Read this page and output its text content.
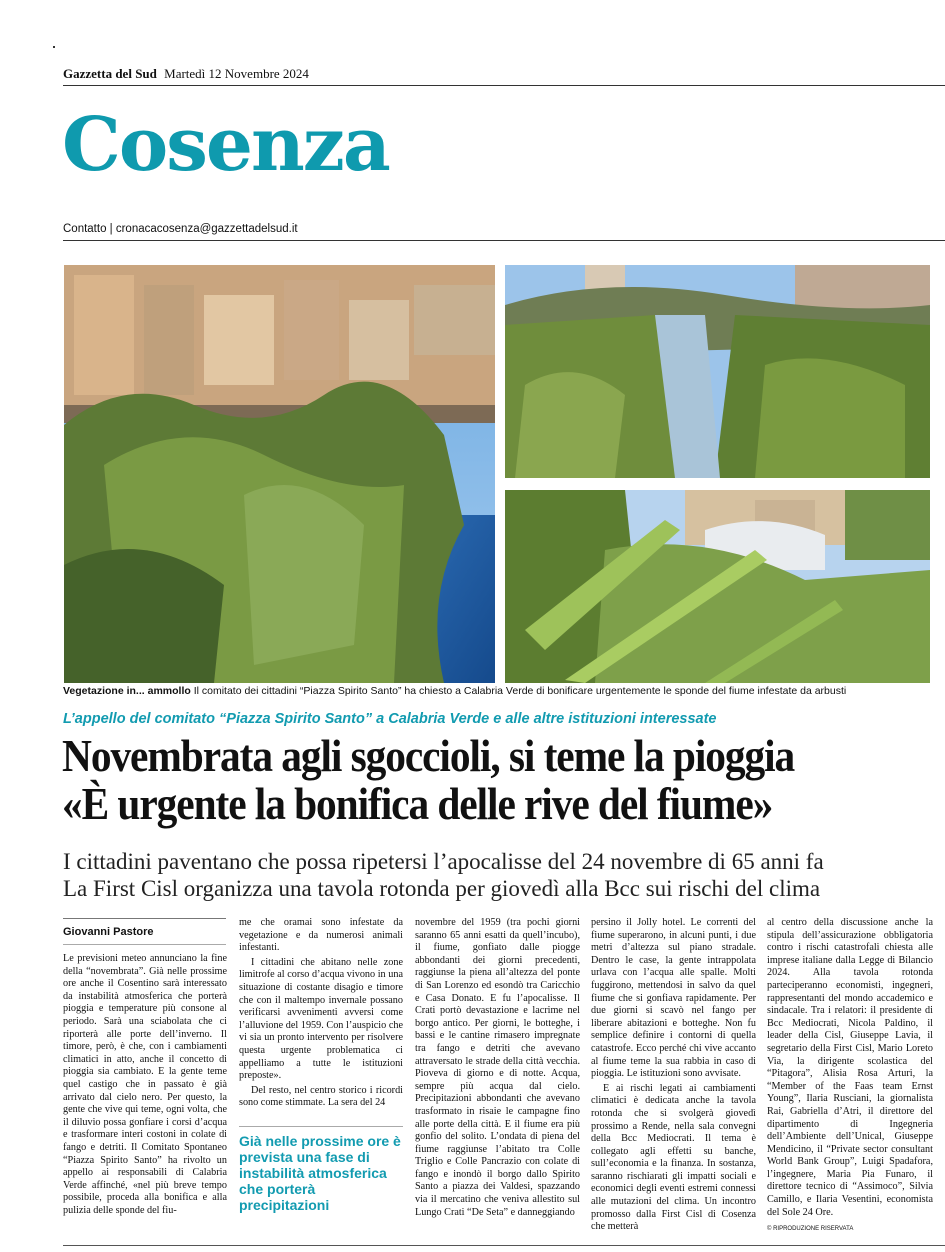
Gazzetta del Sud Martedì 12 Novembre 2024
Cosenza
Contatto | cronacacosenza@gazzettadelsud.it
Vegetazione in... ammollo Il comitato dei cittadini “Piazza Spirito Santo” ha chiesto a Calabria Verde di bonificare urgentemente le sponde del fiume infestate da arbusti
L’appello del comitato “Piazza Spirito Santo” a Calabria Verde e alle altre istituzioni interessate
Novembrata agli sgoccioli, si teme la pioggia
«È urgente la bonifica delle rive del fiume»
I cittadini paventano che possa ripetersi l’apocalisse del 24 novembre di 65 anni fa
La First Cisl organizza una tavola rotonda per giovedì alla Bcc sui rischi del clima
Giovanni Pastore

Le previsioni meteo annunciano la fine della “novembrata”. Già nelle prossime ore anche il Cosentino sarà interessato da instabilità atmosferica che porterà pioggia e temperature più consone al periodo. Sarà una sciabolata che ci riporterà alle porte dell’inverno. Il timore, però, è che, con i cambiamenti climatici in atto, anche il concetto di pioggia sia cambiato. E la gente teme quel castigo che in passato è già arrivato dal cielo nero. Per questo, la gente che vive qui teme, ogni volta, che il diluvio possa gonfiare i corsi d’acqua e trasformare interi costoni in colate di fango e detriti. Il Comitato Spontaneo “Piazza Spirito Santo” ha rivolto un appello ai responsabili di Calabria Verde affinché, «nel più breve tempo possibile, proceda alla bonifica e alla pulizia delle sponde del fiu-

me che oramai sono infestate da vegetazione e da numerosi animali infestanti.

I cittadini che abitano nelle zone limitrofe al corso d’acqua vivono in una situazione di costante disagio e timore che con il maltempo invernale possano verificarsi avvenimenti avversi come l’alluvione del 1959. Con l’auspicio che vi sia un pronto intervento per risolvere questa urgente problematica ci appelliamo a tutte le istituzioni preposte».

Del resto, nel centro storico i ricordi sono come stimmate. La sera del 24

Già nelle prossime ore è prevista una fase di instabilità atmosferica che porterà precipitazioni

novembre del 1959 (tra pochi giorni saranno 65 anni esatti da quell’incubo), il fiume, gonfiato dalle piogge abbondanti dei giorni precedenti, raggiunse la piena all’altezza del ponte di San Lorenzo ed esondò tra Caricchio e Casa Donato. E fu l’apocalisse. Il Crati portò devastazione e lacrime nel borgo antico. Per giorni, le botteghe, i bassi e le cantine rimasero impregnate tra fango e detriti che avevano attraversato le strade della città vecchia. Pioveva di giorno e di notte. Acqua, sempre più acqua dal cielo. Precipitazioni abbondanti che avevano trasformato in risaie le campagne fino alle porte della città. E il fiume era più gonfio del solito. L’ondata di piena del fiume raggiunse l’abitato tra Colle Triglio e Colle Pancrazio con colate di fango e inondò il borgo dallo Spirito Santo a piazza dei Valdesi, spazzando via il mercatino che veniva allestito sul Lungo Crati “De Seta” e danneggiando

persino il Jolly hotel. Le correnti del fiume superarono, in alcuni punti, i due metri d’altezza sul piano stradale. Dentro le case, la gente intrappolata urlava con l’acqua alle spalle. Molti fuggirono, mettendosi in salvo da quel fiume che si gonfiava rapidamente. Per due giorni si scavò nel fango per liberare abitazioni e botteghe. Non fu semplice definire i contorni di quella catastrofe. Ecco perché chi vive accanto al fiume teme la sua rabbia in caso di pioggia. Le istituzioni sono avvisate.

E ai rischi legati ai cambiamenti climatici è dedicata anche la tavola rotonda che si svolgerà giovedì prossimo a Rende, nella sala convegni della Bcc Mediocrati. Il tema è collegato agli effetti su banche, sull’economia e la finanza. In sostanza, saranno rischiarati gli impatti sociali e economici degli eventi estremi connessi alle mutazioni del clima. Un incontro promosso dalla First Cisl di Cosenza che metterà

al centro della discussione anche la stipula dell’assicurazione obbligatoria contro i rischi catastrofali chiesta alle imprese italiane dalla Legge di Bilancio 2024. Alla tavola rotonda parteciperanno economisti, ingegneri, rappresentanti del mondo accademico e sindacale. Tra i relatori: il presidente di Bcc Mediocrati, Nicola Paldino, il leader della Cisl, Giuseppe Lavia, il segretario della First Cisl, Mario Loreto Via, la dirigente scolastica del “Pitagora”, Alisia Rosa Arturi, la “Member of the Faas team Ernst Young”, Ilaria Rusciani, la giornalista Rai, Gabriella d’Atri, il direttore del dipartimento di Ingegneria dell’Ambiente dell’Unical, Giuseppe Mendicino, il “Private sector consultant World Bank Group”, Luigi Spadafora, l’ingegnere, Maria Pia Funaro, il direttore tecnico di “Assimoco”, Silvia Camillo, e Ilaria Vesentini, economista del Sole 24 Ore.

© RIPRODUZIONE RISERVATA
